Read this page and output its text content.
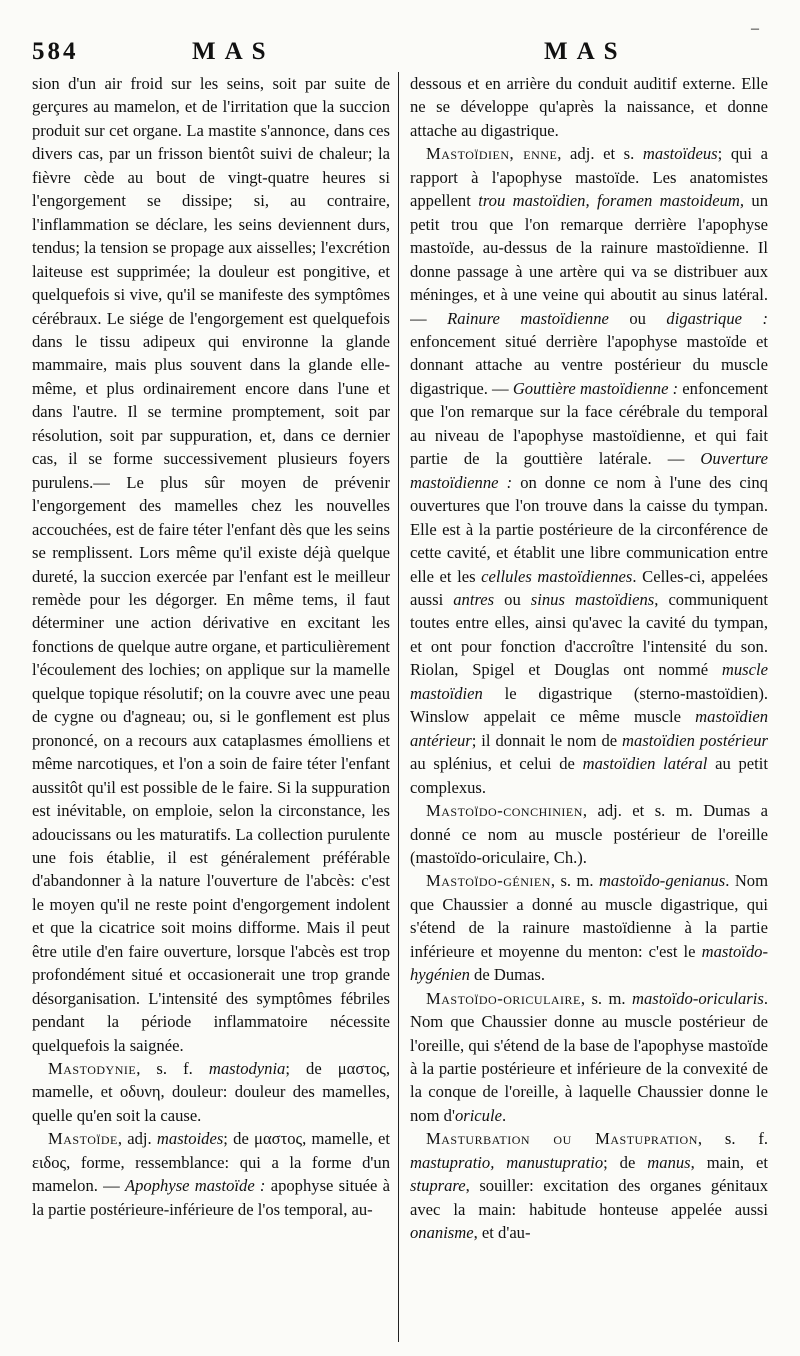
584	MAS	MAS
–

sion d'un air froid sur les seins, soit par suite de gerçures au mamelon, et de l'irritation que la succion produit sur cet organe. La mastite s'annonce, dans ces divers cas, par un frisson bientôt suivi de chaleur; la fièvre cède au bout de vingt-quatre heures si l'engorgement se dissipe; si, au contraire, l'inflammation se déclare, les seins deviennent durs, tendus; la tension se propage aux aisselles; l'excrétion laiteuse est supprimée; la douleur est pongitive, et quelquefois si vive, qu'il se manifeste des symptômes cérébraux. Le siége de l'engorgement est quelquefois dans le tissu adipeux qui environne la glande mammaire, mais plus souvent dans la glande elle-même, et plus ordinairement encore dans l'une et dans l'autre. Il se termine promptement, soit par résolution, soit par suppuration, et, dans ce dernier cas, il se forme successivement plusieurs foyers purulens.— Le plus sûr moyen de prévenir l'engorgement des mamelles chez les nouvelles accouchées, est de faire téter l'enfant dès que les seins se remplissent. Lors même qu'il existe déjà quelque dureté, la succion exercée par l'enfant est le meilleur remède pour les dégorger. En même tems, il faut déterminer une action dérivative en excitant les fonctions de quelque autre organe, et particulièrement l'écoulement des lochies; on applique sur la mamelle quelque topique résolutif; on la couvre avec une peau de cygne ou d'agneau; ou, si le gonflement est plus prononcé, on a recours aux cataplasmes émolliens et même narcotiques, et l'on a soin de faire téter l'enfant aussitôt qu'il est possible de le faire. Si la suppuration est inévitable, on emploie, selon la circonstance, les adoucissans ou les maturatifs. La collection purulente une fois établie, il est généralement préférable d'abandonner à la nature l'ouverture de l'abcès: c'est le moyen qu'il ne reste point d'engorgement indolent et que la cicatrice soit moins difforme. Mais il peut être utile d'en faire ouverture, lorsque l'abcès est trop profondément situé et occasionerait une trop grande désorganisation. L'intensité des symptômes fébriles pendant la période inflammatoire nécessite quelquefois la saignée.

Mastodynie, s. f. mastodynia; de μαστος, mamelle, et οδυνη, douleur: douleur des mamelles, quelle qu'en soit la cause.

Mastoïde, adj. mastoides; de μαστος, mamelle, et ειδος, forme, ressemblance: qui a la forme d'un mamelon. — Apophyse mastoïde : apophyse située à la partie postérieure-inférieure de l'os temporal, au-

dessous et en arrière du conduit auditif externe. Elle ne se développe qu'après la naissance, et donne attache au digastrique.

Mastoïdien, enne, adj. et s. mastoïdeus; qui a rapport à l'apophyse mastoïde. Les anatomistes appellent trou mastoïdien, foramen mastoideum, un petit trou que l'on remarque derrière l'apophyse mastoïde, au-dessus de la rainure mastoïdienne. Il donne passage à une artère qui va se distribuer aux méninges, et à une veine qui aboutit au sinus latéral. — Rainure mastoïdienne ou digastrique : enfoncement situé derrière l'apophyse mastoïde et donnant attache au ventre postérieur du muscle digastrique. — Gouttière mastoïdienne : enfoncement que l'on remarque sur la face cérébrale du temporal au niveau de l'apophyse mastoïdienne, et qui fait partie de la gouttière latérale. — Ouverture mastoïdienne : on donne ce nom à l'une des cinq ouvertures que l'on trouve dans la caisse du tympan. Elle est à la partie postérieure de la circonférence de cette cavité, et établit une libre communication entre elle et les cellules mastoïdiennes. Celles-ci, appelées aussi antres ou sinus mastoïdiens, communiquent toutes entre elles, ainsi qu'avec la cavité du tympan, et ont pour fonction d'accroître l'intensité du son. Riolan, Spigel et Douglas ont nommé muscle mastoïdien le digastrique (sterno-mastoïdien). Winslow appelait ce même muscle mastoïdien antérieur; il donnait le nom de mastoïdien postérieur au splénius, et celui de mastoïdien latéral au petit complexus.

Mastoïdo-conchinien, adj. et s. m. Dumas a donné ce nom au muscle postérieur de l'oreille (mastoïdo-oriculaire, Ch.).

Mastoïdo-génien, s. m. mastoïdo-genianus. Nom que Chaussier a donné au muscle digastrique, qui s'étend de la rainure mastoïdienne à la partie inférieure et moyenne du menton: c'est le mastoïdo-hygénien de Dumas.

Mastoïdo-oriculaire, s. m. mastoïdo-oricularis. Nom que Chaussier donne au muscle postérieur de l'oreille, qui s'étend de la base de l'apophyse mastoïde à la partie postérieure et inférieure de la convexité de la conque de l'oreille, à laquelle Chaussier donne le nom d'oricule.

Masturbation ou Mastupration, s. f. mastupratio, manustupratio; de manus, main, et stuprare, souiller: excitation des organes génitaux avec la main: habitude honteuse appelée aussi onanisme, et d'au-
